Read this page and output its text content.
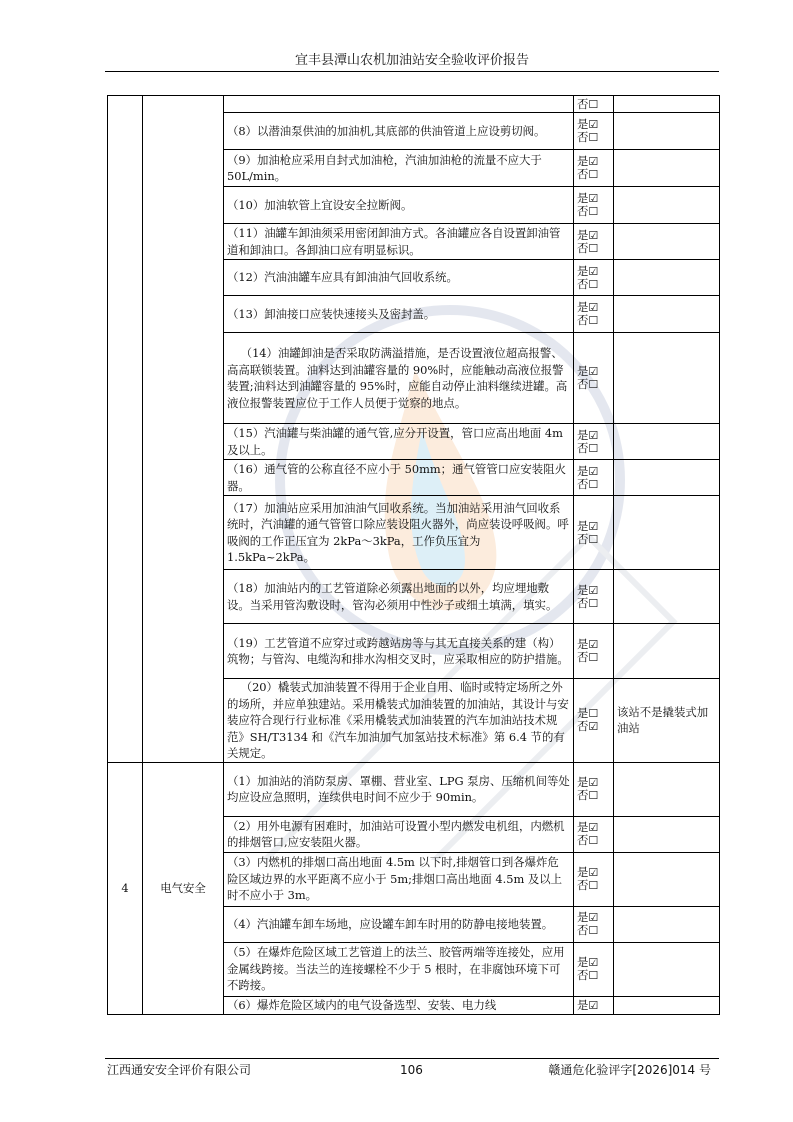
宜丰县潭山农机加油站安全验收评价报告

			否☐	

		（8）以潜油泵供油的加油机,其底部的供油管道上应设剪切阀。	是☑
否☐	

		（9）加油枪应采用自封式加油枪，汽油加油枪的流量不应大于 50L/min。	是☑
否☐	

		（10）加油软管上宜设安全拉断阀。	是☑
否☐	

		（11）油罐车卸油须采用密闭卸油方式。各油罐应各自设置卸油管道和卸油口。各卸油口应有明显标识。	是☑
否☐	

		（12）汽油油罐车应具有卸油油气回收系统。	是☑
否☐	

		（13）卸油接口应装快速接头及密封盖。	是☑
否☐	

		（14）油罐卸油是否采取防满溢措施，是否设置液位超高报警、高高联锁装置。油料达到油罐容量的 90%时，应能触动高液位报警装置;油料达到油罐容量的 95%时，应能自动停止油料继续进罐。高液位报警装置应位于工作人员便于觉察的地点。	是☑
否☐	

		（15）汽油罐与柴油罐的通气管,应分开设置，管口应高出地面 4m 及以上。	是☑
否☐	

		（16）通气管的公称直径不应小于 50mm；通气管管口应安装阻火器。	是☑
否☐	

		（17）加油站应采用加油油气回收系统。当加油站采用油气回收系统时，汽油罐的通气管管口除应装设阻火器外，尚应装设呼吸阀。呼吸阀的工作正压宜为 2kPa～3kPa，工作负压宜为 1.5kPa~2kPa。	是☑
否☐	

		（18）加油站内的工艺管道除必须露出地面的以外，均应埋地敷设。当采用管沟敷设时，管沟必须用中性沙子或细土填满，填实。	是☑
否☐	

		（19）工艺管道不应穿过或跨越站房等与其无直接关系的建（构）筑物；与管沟、电缆沟和排水沟相交叉时，应采取相应的防护措施。	是☑
否☐	

		（20）橇装式加油装置不得用于企业自用、临时或特定场所之外的场所，并应单独建站。采用橇装式加油装置的加油站，其设计与安装应符合现行行业标准《采用橇装式加油装置的汽车加油站技术规范》SH/T3134 和《汽车加油加气加氢站技术标准》第 6.4 节的有关规定。	是☐
否☑	该站不是撬装式加油站
4	电气安全	（1）加油站的消防泵房、罩棚、营业室、LPG 泵房、压缩机间等处均应设应急照明，连续供电时间不应少于 90min。	是☑
否☐	

		（2）用外电源有困难时，加油站可设置小型内燃发电机组，内燃机的排烟管口,应安装阻火器。	是☑
否☐	

		（3）内燃机的排烟口高出地面 4.5m 以下时,排烟管口到各爆炸危险区域边界的水平距离不应小于 5m;排烟口高出地面 4.5m 及以上时不应小于 3m。	是☑
否☐	

		（4）汽油罐车卸车场地，应设罐车卸车时用的防静电接地装置。	是☑
否☐	

		（5）在爆炸危险区域工艺管道上的法兰、胶管两端等连接处，应用金属线跨接。当法兰的连接螺栓不少于 5 根时，在非腐蚀环境下可不跨接。	是☑
否☐	

		（6）爆炸危险区域内的电气设备选型、安装、电力线	是☑	

江西通安安全评价有限公司	106	赣通危化验评字[2026]014 号
